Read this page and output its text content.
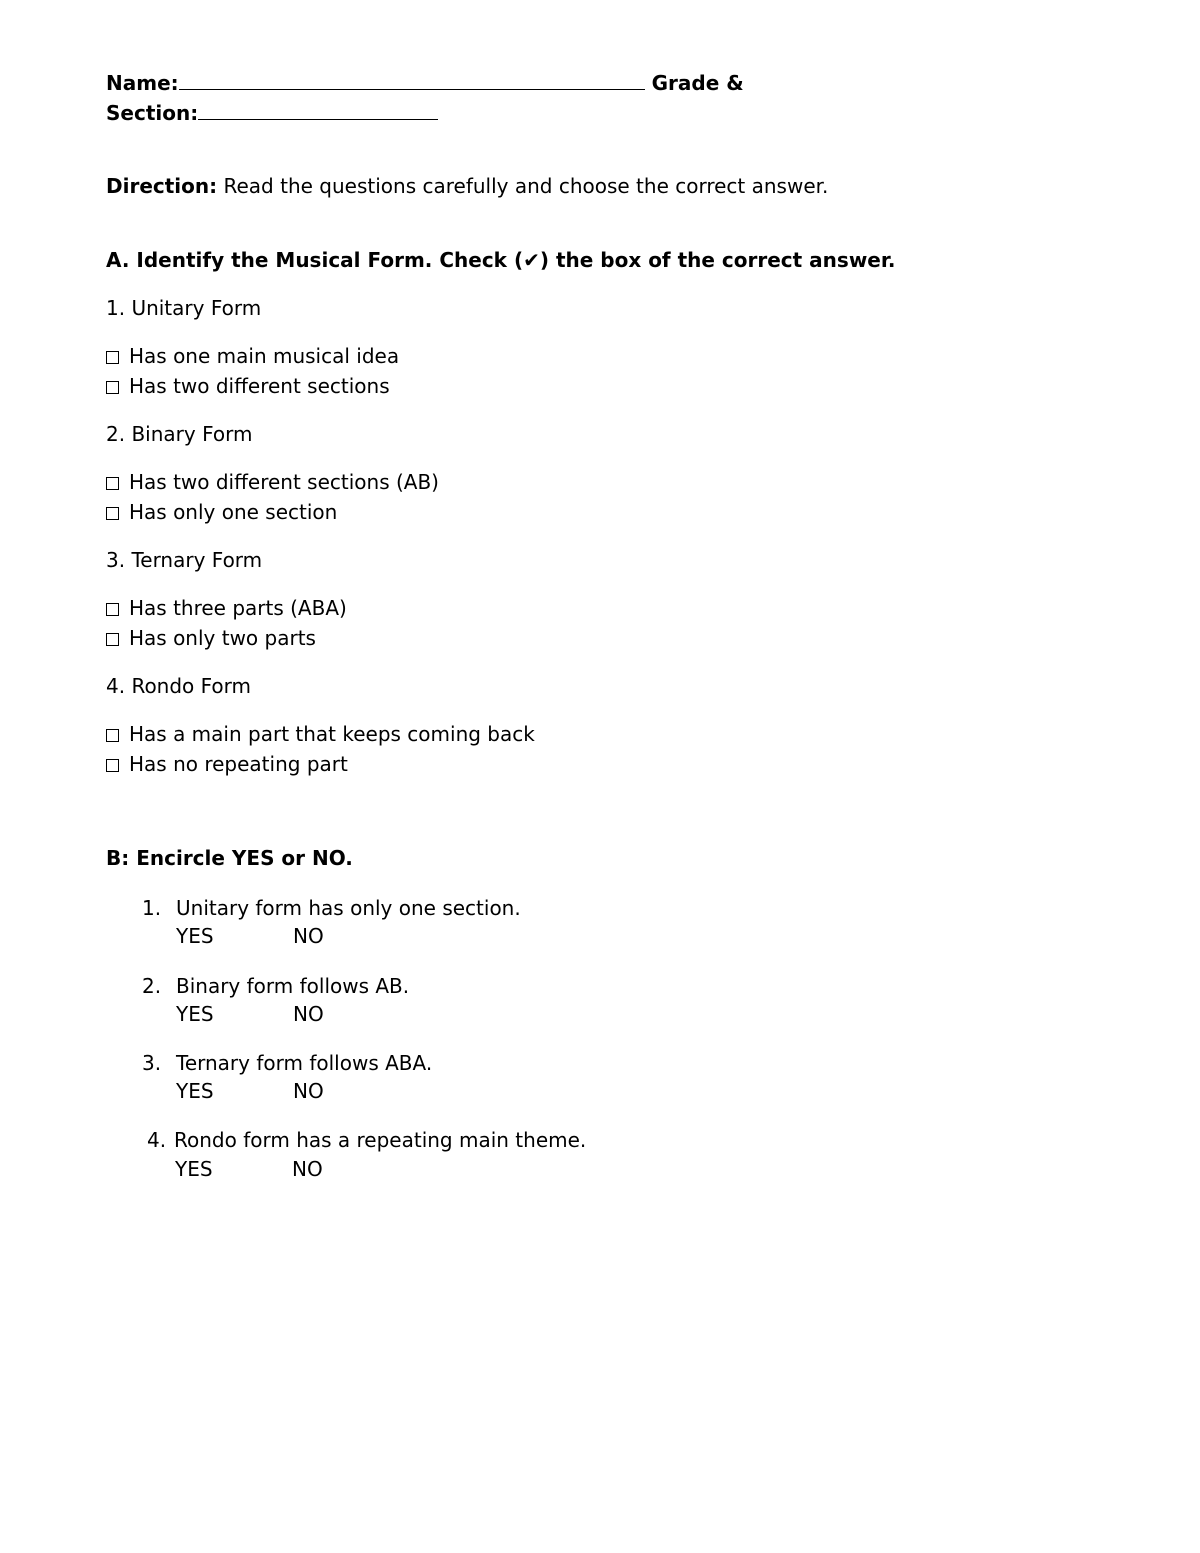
Name:	Grade &
Section:
Direction: Read the questions carefully and choose the correct answer.
A. Identify the Musical Form. Check (✔) the box of the correct answer.
1. Unitary Form
Has one main musical idea
Has two different sections
2. Binary Form
Has two different sections (AB)
Has only one section
3. Ternary Form
Has three parts (ABA)
Has only two parts
4. Rondo Form
Has a main part that keeps coming back
Has no repeating part
B: Encircle YES or NO.
1. Unitary form has only one section.
YES	NO
2. Binary form follows AB.
YES	NO
3. Ternary form follows ABA.
YES	NO
4. Rondo form has a repeating main theme.
YES	NO
